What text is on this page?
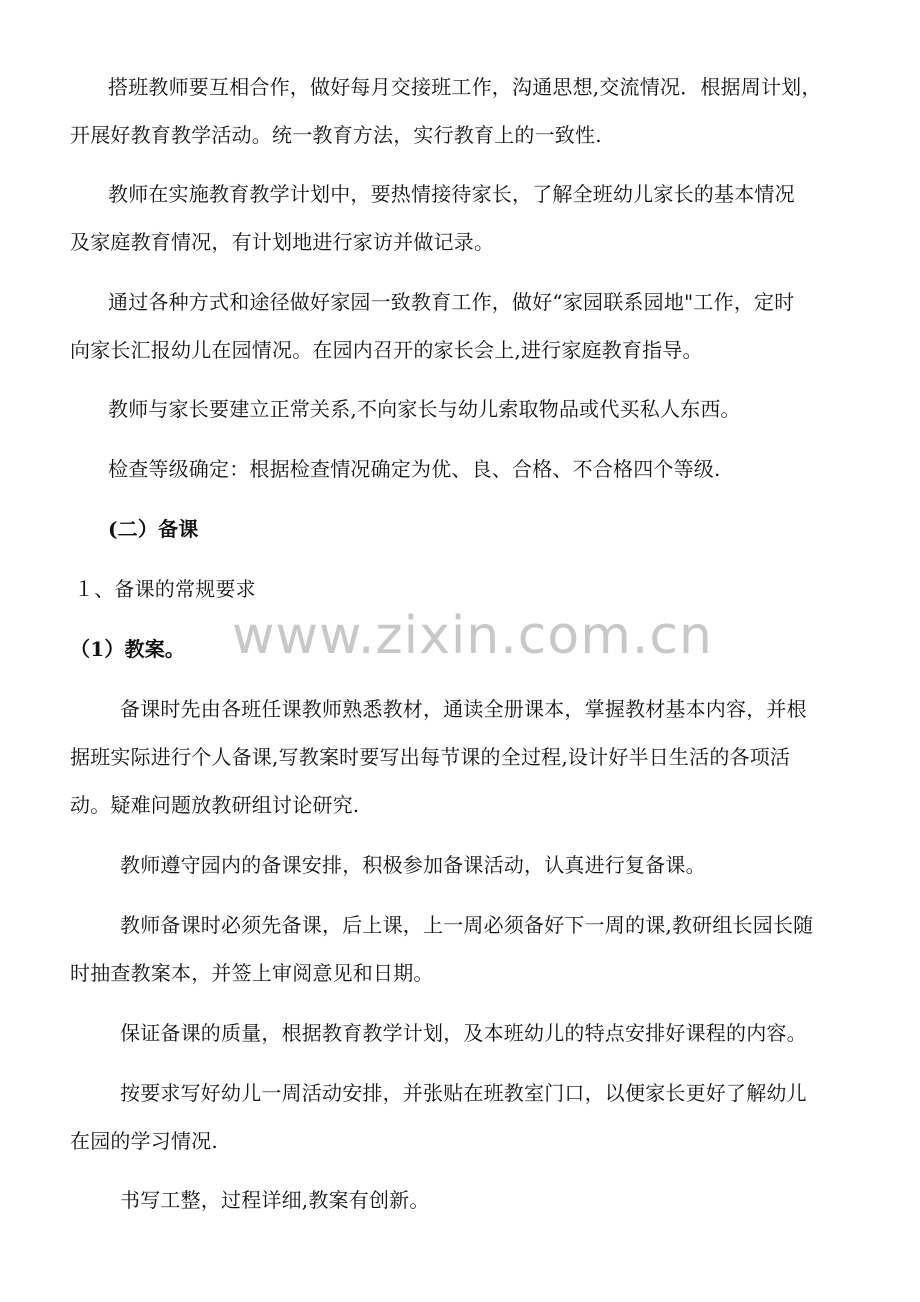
搭班教师要互相合作，做好每月交接班工作，沟通思想,交流情况．根据周计划，
开展好教育教学活动。统一教育方法，实行教育上的一致性.
教师在实施教育教学计划中，要热情接待家长，了解全班幼儿家长的基本情况
及家庭教育情况，有计划地进行家访并做记录。
通过各种方式和途径做好家园一致教育工作，做好“家园联系园地"工作，定时
向家长汇报幼儿在园情况。在园内召开的家长会上,进行家庭教育指导。
教师与家长要建立正常关系,不向家长与幼儿索取物品或代买私人东西。
检查等级确定：根据检查情况确定为优、良、合格、不合格四个等级.
(二）备课
１、备课的常规要求
www.zixin.com.cn
（1）教案。
备课时先由各班任课教师熟悉教材，通读全册课本，掌握教材基本内容，并根
据班实际进行个人备课,写教案时要写出每节课的全过程,设计好半日生活的各项活
动。疑难问题放教研组讨论研究.
教师遵守园内的备课安排，积极参加备课活动，认真进行复备课。
教师备课时必须先备课，后上课，上一周必须备好下一周的课,教研组长园长随
时抽查教案本，并签上审阅意见和日期。
保证备课的质量，根据教育教学计划，及本班幼儿的特点安排好课程的内容。
按要求写好幼儿一周活动安排，并张贴在班教室门口，以便家长更好了解幼儿
在园的学习情况.
书写工整，过程详细,教案有创新。
